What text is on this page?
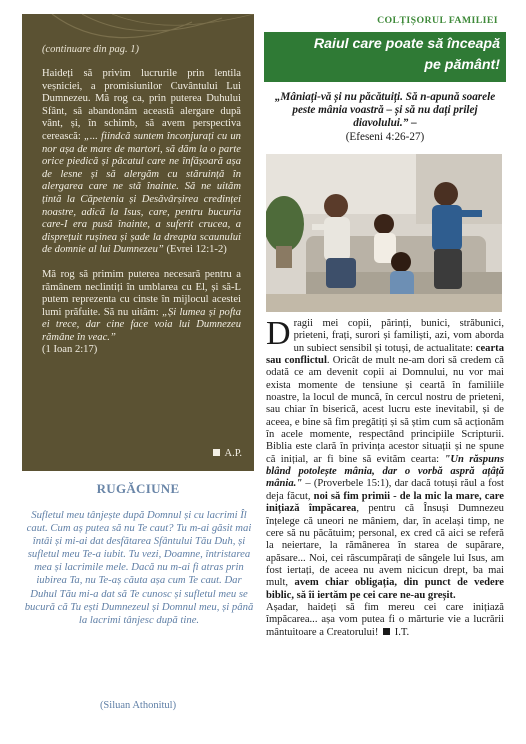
(continuare din pag. 1)

Haideți să privim lucrurile prin lentila veșniciei, a promisiunilor Cuvântului Lui Dumnezeu. Mă rog ca, prin puterea Duhului Sfânt, să abandonăm această alergare după vânt, și, în schimb, să avem perspectiva cerească: „... fiindcă suntem înconjurați cu un nor așa de mare de martori, să dăm la o parte orice piedică și păcatul care ne înfășoară așa de lesne și să alergăm cu stăruință în alergarea care ne stă înainte. Să ne uităm țintă la Căpetenia și Desăvârșirea credinței noastre, adică la Isus, care, pentru bucuria care-I era pusă înainte, a suferit crucea, a disprețuit rușinea și șade la dreapta scaunului de domnie al lui Dumnezeu” (Evrei 12:1-2)

Mă rog să primim puterea necesară pentru a rămânem neclintiți în umblarea cu El, și să-L putem reprezenta cu cinste în mijlocul acestei lumi prăfuite. Să nu uităm: „Și lumea și pofta ei trece, dar cine face voia lui Dumnezeu rămâne în veac.”
(1 Ioan 2:17)

A.P.
RUGĂCIUNE
Sufletul meu tânjește după Domnul și cu lacrimi Îl caut. Cum aș putea să nu Te caut? Tu m-ai găsit mai întâi și mi-ai dat desfătarea Sfântului Tău Duh, și sufletul meu Te-a iubit. Tu vezi, Doamne, întristarea mea și lacrimile mele. Dacă nu m-ai fi atras prin iubirea Ta, nu Te-aș căuta așa cum Te caut. Dar Duhul Tău mi-a dat să Te cunosc și sufletul meu se bucură că Tu ești Dumnezeul și Domnul meu, și până la lacrimi tânjesc după tine.
(Siluan Athonitul)
COLȚIȘORUL FAMILIEI
Raiul care poate să înceapă
pe pământ!
„Mâniați-vă și nu păcătuiți. Să n-apună soarele peste mânia voastră – și să nu dați prilej diavolului.” –
(Efeseni 4:26-27)

Dragii mei copii, părinți, bunici, străbunici, prieteni, frați, surori și familiști, azi, vom aborda un subiect sensibil și totuși, de actualitate: cearta sau conflictul. Oricât de mult ne-am dori să credem că odată ce am devenit copii ai Domnului, nu vor mai exista momente de tensiune și ceartă în familiile noastre, la locul de muncă, în cercul nostru de prieteni, sau chiar în biserică, acest lucru este inevitabil, și de aceea, e bine să fim pregătiți și să știm cum să acționăm în acele momente, respectând principiile Scripturii. Biblia este clară în privința acestor situații și ne spune că inițial, ar fi bine să evităm cearta: "Un răspuns blând potolește mânia, dar o vorbă aspră ațâță mânia." – (Proverbele 15:1), dar dacă totuși răul a fost deja făcut, noi să fim primii - de la mic la mare, care inițiază împăcarea, pentru că Însuși Dumnezeu înțelege că uneori ne mâniem, dar, în același timp, ne cere să nu păcătuim; personal, ex cred că aici se referă la neiertare, la rămânerea în starea de supărare, apăsare... Noi, cei răscumpărați de sângele lui Isus, am fost iertați, de aceea nu avem nicicun drept, ba mai mult, avem chiar obligația, din punct de vedere biblic, să îi iertăm pe cei care ne-au greșit.

Așadar, haideți să fim mereu cei care inițiază împăcarea... așa vom putea fi o mărturie vie a lucrării mântuitoare a Creatorului!  I.T.
